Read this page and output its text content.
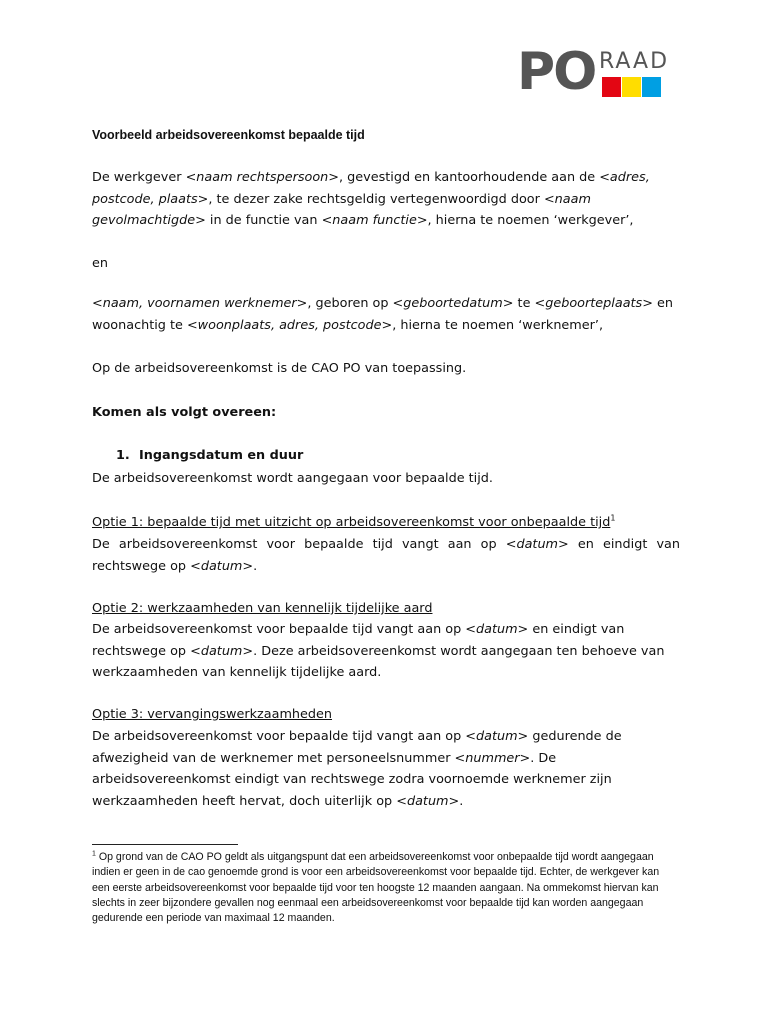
PO RAAD
Voorbeeld arbeidsovereenkomst bepaalde tijd

De werkgever <naam rechtspersoon>, gevestigd en kantoorhoudende aan de <adres, postcode, plaats>, te dezer zake rechtsgeldig vertegenwoordigd door <naam gevolmachtigde> in de functie van <naam functie>, hierna te noemen ‘werkgever’,

en

<naam, voornamen werknemer>, geboren op <geboortedatum> te <geboorteplaats> en woonachtig te <woonplaats, adres, postcode>, hierna te noemen ‘werknemer’,

Op de arbeidsovereenkomst is de CAO PO van toepassing.

Komen als volgt overeen:

1. Ingangsdatum en duur

De arbeidsovereenkomst wordt aangegaan voor bepaalde tijd.

Optie 1: bepaalde tijd met uitzicht op arbeidsovereenkomst voor onbepaalde tijd$^1$

De arbeidsovereenkomst voor bepaalde tijd vangt aan op <datum> en eindigt van rechtswege op <datum>.

Optie 2: werkzaamheden van kennelijk tijdelijke aard

De arbeidsovereenkomst voor bepaalde tijd vangt aan op <datum> en eindigt van rechtswege op <datum>. Deze arbeidsovereenkomst wordt aangegaan ten behoeve van werkzaamheden van kennelijk tijdelijke aard.

Optie 3: vervangingswerkzaamheden

De arbeidsovereenkomst voor bepaalde tijd vangt aan op <datum> gedurende de afwezigheid van de werknemer met personeelsnummer <nummer>. De arbeidsovereenkomst eindigt van rechtswege zodra voornoemde werknemer zijn werkzaamheden heeft hervat, doch uiterlijk op <datum>.

$^1$ Op grond van de CAO PO geldt als uitgangspunt dat een arbeidsovereenkomst voor onbepaalde tijd wordt aangegaan indien er geen in de cao genoemde grond is voor een arbeidsovereenkomst voor bepaalde tijd. Echter, de werkgever kan een eerste arbeidsovereenkomst voor bepaalde tijd voor ten hoogste 12 maanden aangaan. Na ommekomst hiervan kan slechts in zeer bijzondere gevallen nog eenmaal een arbeidsovereenkomst voor bepaalde tijd kan worden aangegaan gedurende een periode van maximaal 12 maanden.
